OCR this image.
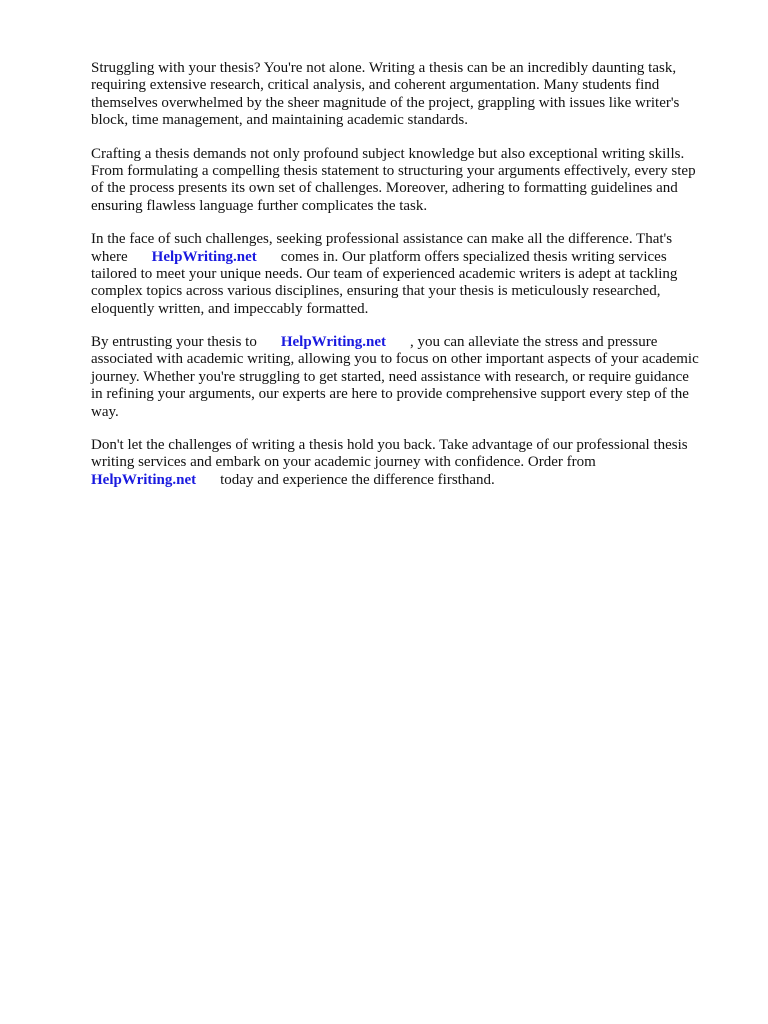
Struggling with your thesis? You're not alone. Writing a thesis can be an incredibly daunting task,
requiring extensive research, critical analysis, and coherent argumentation. Many students find
themselves overwhelmed by the sheer magnitude of the project, grappling with issues like writer's
block, time management, and maintaining academic standards.

Crafting a thesis demands not only profound subject knowledge but also exceptional writing skills.
From formulating a compelling thesis statement to structuring your arguments effectively, every step
of the process presents its own set of challenges. Moreover, adhering to formatting guidelines and
ensuring flawless language further complicates the task.

In the face of such challenges, seeking professional assistance can make all the difference. That's
where HelpWriting.net comes in. Our platform offers specialized thesis writing services
tailored to meet your unique needs. Our team of experienced academic writers is adept at tackling
complex topics across various disciplines, ensuring that your thesis is meticulously researched,
eloquently written, and impeccably formatted.

By entrusting your thesis to HelpWriting.net , you can alleviate the stress and pressure
associated with academic writing, allowing you to focus on other important aspects of your academic
journey. Whether you're struggling to get started, need assistance with research, or require guidance
in refining your arguments, our experts are here to provide comprehensive support every step of the
way.

Don't let the challenges of writing a thesis hold you back. Take advantage of our professional thesis
writing services and embark on your academic journey with confidence. Order from
HelpWriting.net today and experience the difference firsthand.
